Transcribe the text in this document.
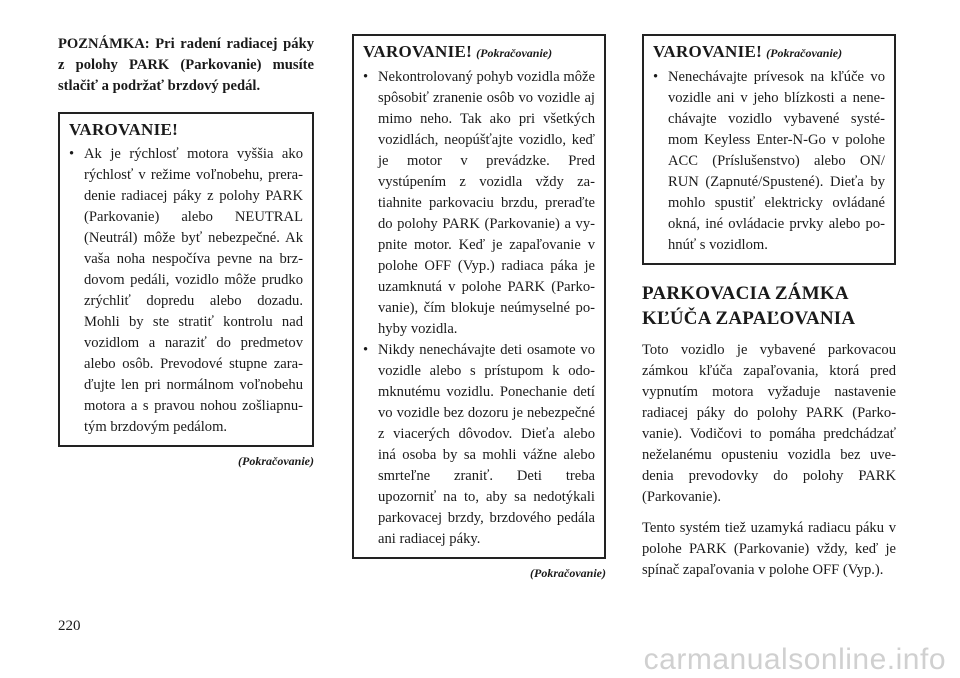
POZNÁMKA: Pri radení radiacej páky z polohy PARK (Parkovanie) musíte stlačiť a podržať brzdový pedál.

VAROVANIE!
• Ak je rýchlosť motora vyššia ako rýchlosť v režime voľnobehu, preradenie radiacej páky z polohy PARK (Parkovanie) alebo NEUTRAL (Neutrál) môže byť nebezpečné. Ak vaša noha nespočíva pevne na brzdovom pedáli, vozidlo môže prudko zrýchliť dopredu alebo dozadu. Mohli by ste stratiť kontrolu nad vozidlom a naraziť do predmetov alebo osôb. Prevodové stupne zaraďujte len pri normálnom voľnobehu motora a s pravou nohou zošliapnutým brzdovým pedálom.
(Pokračovanie)
VAROVANIE! (Pokračovanie)
• Nekontrolovaný pohyb vozidla môže spôsobiť zranenie osôb vo vozidle aj mimo neho. Tak ako pri všetkých vozidlách, neopúšťajte vozidlo, keď je motor v prevádzke. Pred vystúpením z vozidla vždy zatiahnite parkovaciu brzdu, preraďte do polohy PARK (Parkovanie) a vypnite motor. Keď je zapaľovanie v polohe OFF (Vyp.) radiaca páka je uzamknutá v polohe PARK (Parkovanie), čím blokuje neúmyselné pohyby vozidla.
• Nikdy nenechávajte deti osamote vo vozidle alebo s prístupom k odomknutému vozidlu. Ponechanie detí vo vozidle bez dozoru je nebezpečné z viacerých dôvodov. Dieťa alebo iná osoba by sa mohli vážne alebo smrteľne zraniť. Deti treba upozorniť na to, aby sa nedotýkali parkovacej brzdy, brzdového pedála ani radiacej páky.
(Pokračovanie)
VAROVANIE! (Pokračovanie)
• Nenechávajte prívesok na kľúče vo vozidle ani v jeho blízkosti a nenechávajte vozidlo vybavené systémom Keyless Enter-N-Go v polohe ACC (Príslušenstvo) alebo ON/ RUN (Zapnuté/Spustené). Dieťa by mohlo spustiť elektricky ovládané okná, iné ovládacie prvky alebo pohnúť s vozidlom.
PARKOVACIA ZÁMKA
KĽÚČA ZAPAĽOVANIA

Toto vozidlo je vybavené parkovacou zámkou kľúča zapaľovania, ktorá pred vypnutím motora vyžaduje nastavenie radiacej páky do polohy PARK (Parkovanie). Vodičovi to pomáha predchádzať neželanému opusteniu vozidla bez uvedenia prevodovky do polohy PARK (Parkovanie).

Tento systém tiež uzamyká radiacu páku v polohe PARK (Parkovanie) vždy, keď je spínač zapaľovania v polohe OFF (Vyp.).

220
carmanualsonline.info
